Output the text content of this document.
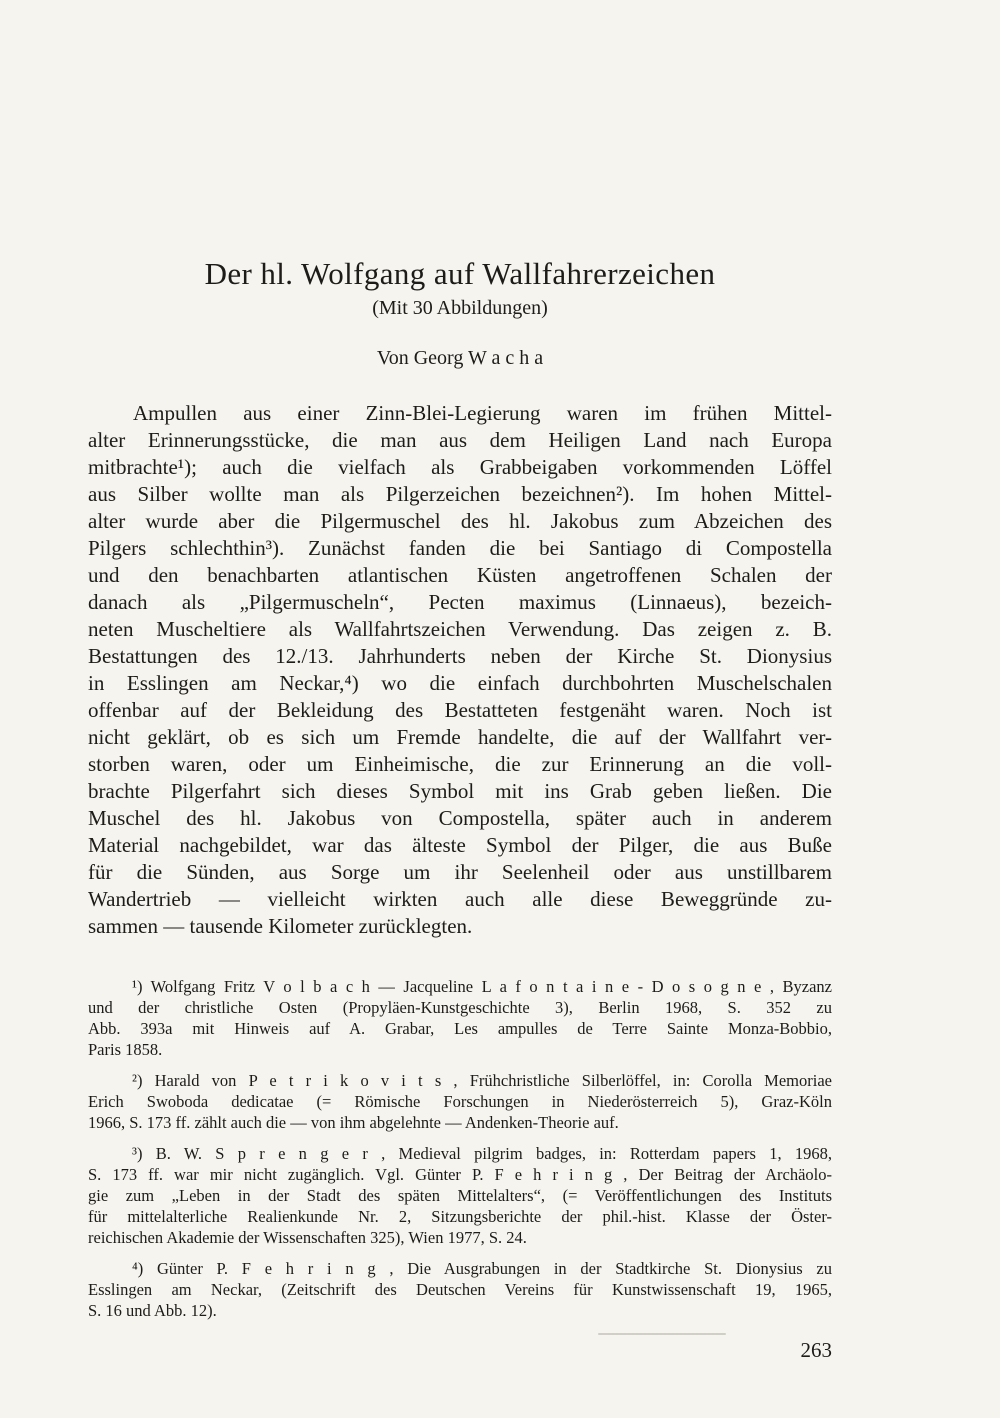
Der hl. Wolfgang auf Wallfahrerzeichen
(Mit 30 Abbildungen)
Von Georg W a c h a
Ampullen aus einer Zinn-Blei-Legierung waren im frühen Mittel-
alter Erinnerungsstücke, die man aus dem Heiligen Land nach Europa
mitbrachte¹); auch die vielfach als Grabbeigaben vorkommenden Löffel
aus Silber wollte man als Pilgerzeichen bezeichnen²). Im hohen Mittel-
alter wurde aber die Pilgermuschel des hl. Jakobus zum Abzeichen des
Pilgers schlechthin³). Zunächst fanden die bei Santiago di Compostella
und den benachbarten atlantischen Küsten angetroffenen Schalen der
danach als „Pilgermuscheln“, Pecten maximus (Linnaeus), bezeich-
neten Muscheltiere als Wallfahrtszeichen Verwendung. Das zeigen z. B.
Bestattungen des 12./13. Jahrhunderts neben der Kirche St. Dionysius
in Esslingen am Neckar,⁴) wo die einfach durchbohrten Muschelschalen
offenbar auf der Bekleidung des Bestatteten festgenäht waren. Noch ist
nicht geklärt, ob es sich um Fremde handelte, die auf der Wallfahrt ver-
storben waren, oder um Einheimische, die zur Erinnerung an die voll-
brachte Pilgerfahrt sich dieses Symbol mit ins Grab geben ließen. Die
Muschel des hl. Jakobus von Compostella, später auch in anderem
Material nachgebildet, war das älteste Symbol der Pilger, die aus Buße
für die Sünden, aus Sorge um ihr Seelenheil oder aus unstillbarem
Wandertrieb — vielleicht wirkten auch alle diese Beweggründe zu-
sammen — tausende Kilometer zurücklegten.
¹) Wolfgang Fritz V o l b a c h — Jacqueline L a f o n t a i n e - D o s o g n e , Byzanz
und der christliche Osten (Propyläen-Kunstgeschichte 3), Berlin 1968, S. 352 zu
Abb. 393a mit Hinweis auf A. Grabar, Les ampulles de Terre Sainte Monza-Bobbio,
Paris 1858.
²) Harald von P e t r i k o v i t s , Frühchristliche Silberlöffel, in: Corolla Memoriae
Erich Swoboda dedicatae (= Römische Forschungen in Niederösterreich 5), Graz-Köln
1966, S. 173 ff. zählt auch die — von ihm abgelehnte — Andenken-Theorie auf.
³) B. W. S p r e n g e r , Medieval pilgrim badges, in: Rotterdam papers 1, 1968,
S. 173 ff. war mir nicht zugänglich. Vgl. Günter P. F e h r i n g , Der Beitrag der Archäolo-
gie zum „Leben in der Stadt des späten Mittelalters“, (= Veröffentlichungen des Instituts
für mittelalterliche Realienkunde Nr. 2, Sitzungsberichte der phil.-hist. Klasse der Öster-
reichischen Akademie der Wissenschaften 325), Wien 1977, S. 24.
⁴) Günter P. F e h r i n g , Die Ausgrabungen in der Stadtkirche St. Dionysius zu
Esslingen am Neckar, (Zeitschrift des Deutschen Vereins für Kunstwissenschaft 19, 1965,
S. 16 und Abb. 12).
263
